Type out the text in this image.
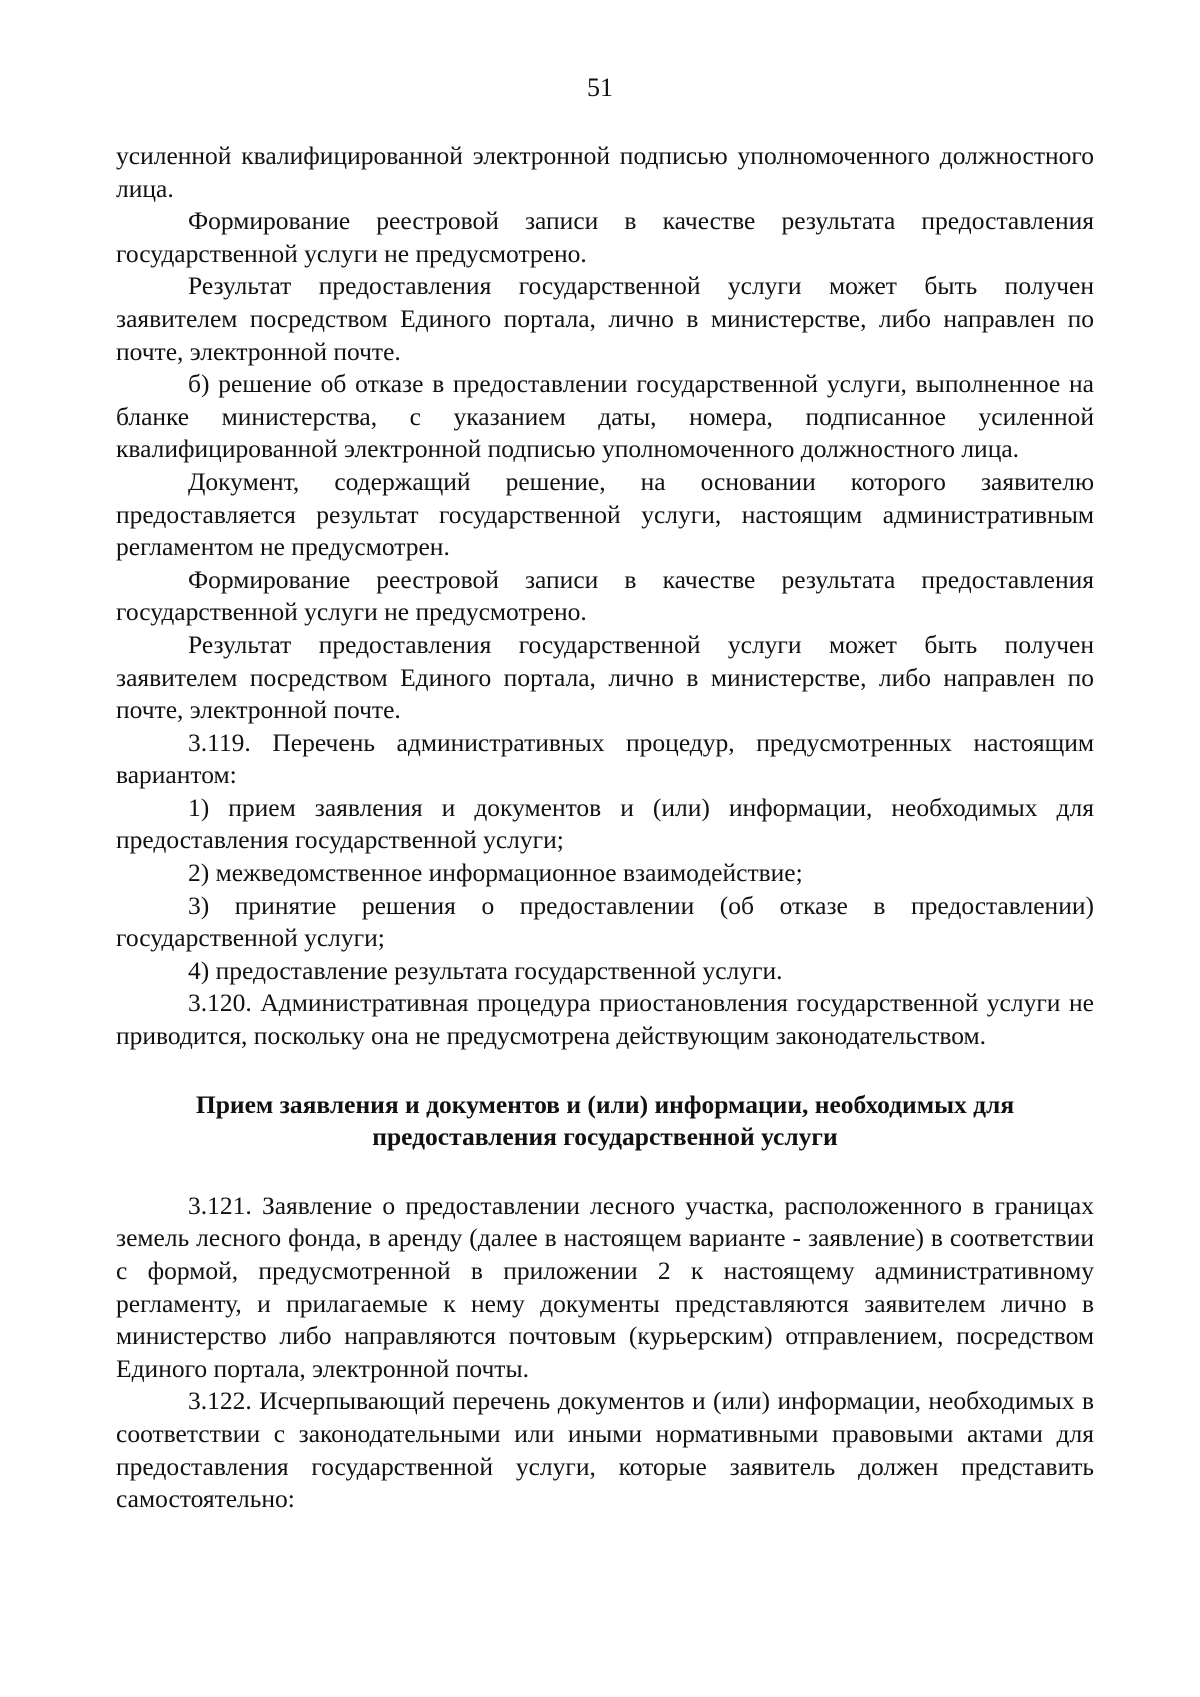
51

усиленной квалифицированной электронной подписью уполномоченного должностного лица.

Формирование реестровой записи в качестве результата предоставления государственной услуги не предусмотрено.

Результат предоставления государственной услуги может быть получен заявителем посредством Единого портала, лично в министерстве, либо направлен по почте, электронной почте.

б) решение об отказе в предоставлении государственной услуги, выполненное на бланке министерства, с указанием даты, номера, подписанное усиленной квалифицированной электронной подписью уполномоченного должностного лица.

Документ, содержащий решение, на основании которого заявителю предоставляется результат государственной услуги, настоящим административным регламентом не предусмотрен.

Формирование реестровой записи в качестве результата предоставления государственной услуги не предусмотрено.

Результат предоставления государственной услуги может быть получен заявителем посредством Единого портала, лично в министерстве, либо направлен по почте, электронной почте.

3.119. Перечень административных процедур, предусмотренных настоящим вариантом:

1) прием заявления и документов и (или) информации, необходимых для предоставления государственной услуги;

2) межведомственное информационное взаимодействие;

3) принятие решения о предоставлении (об отказе в предоставлении) государственной услуги;

4) предоставление результата государственной услуги.

3.120. Административная процедура приостановления государственной услуги не приводится, поскольку она не предусмотрена действующим законодательством.

Прием заявления и документов и (или) информации, необходимых для предоставления государственной услуги

3.121. Заявление о предоставлении лесного участка, расположенного в границах земель лесного фонда, в аренду (далее в настоящем варианте - заявление) в соответствии с формой, предусмотренной в приложении 2 к настоящему административному регламенту, и прилагаемые к нему документы представляются заявителем лично в министерство либо направляются почтовым (курьерским) отправлением, посредством Единого портала, электронной почты.

3.122. Исчерпывающий перечень документов и (или) информации, необходимых в соответствии с законодательными или иными нормативными правовыми актами для предоставления государственной услуги, которые заявитель должен представить самостоятельно:
